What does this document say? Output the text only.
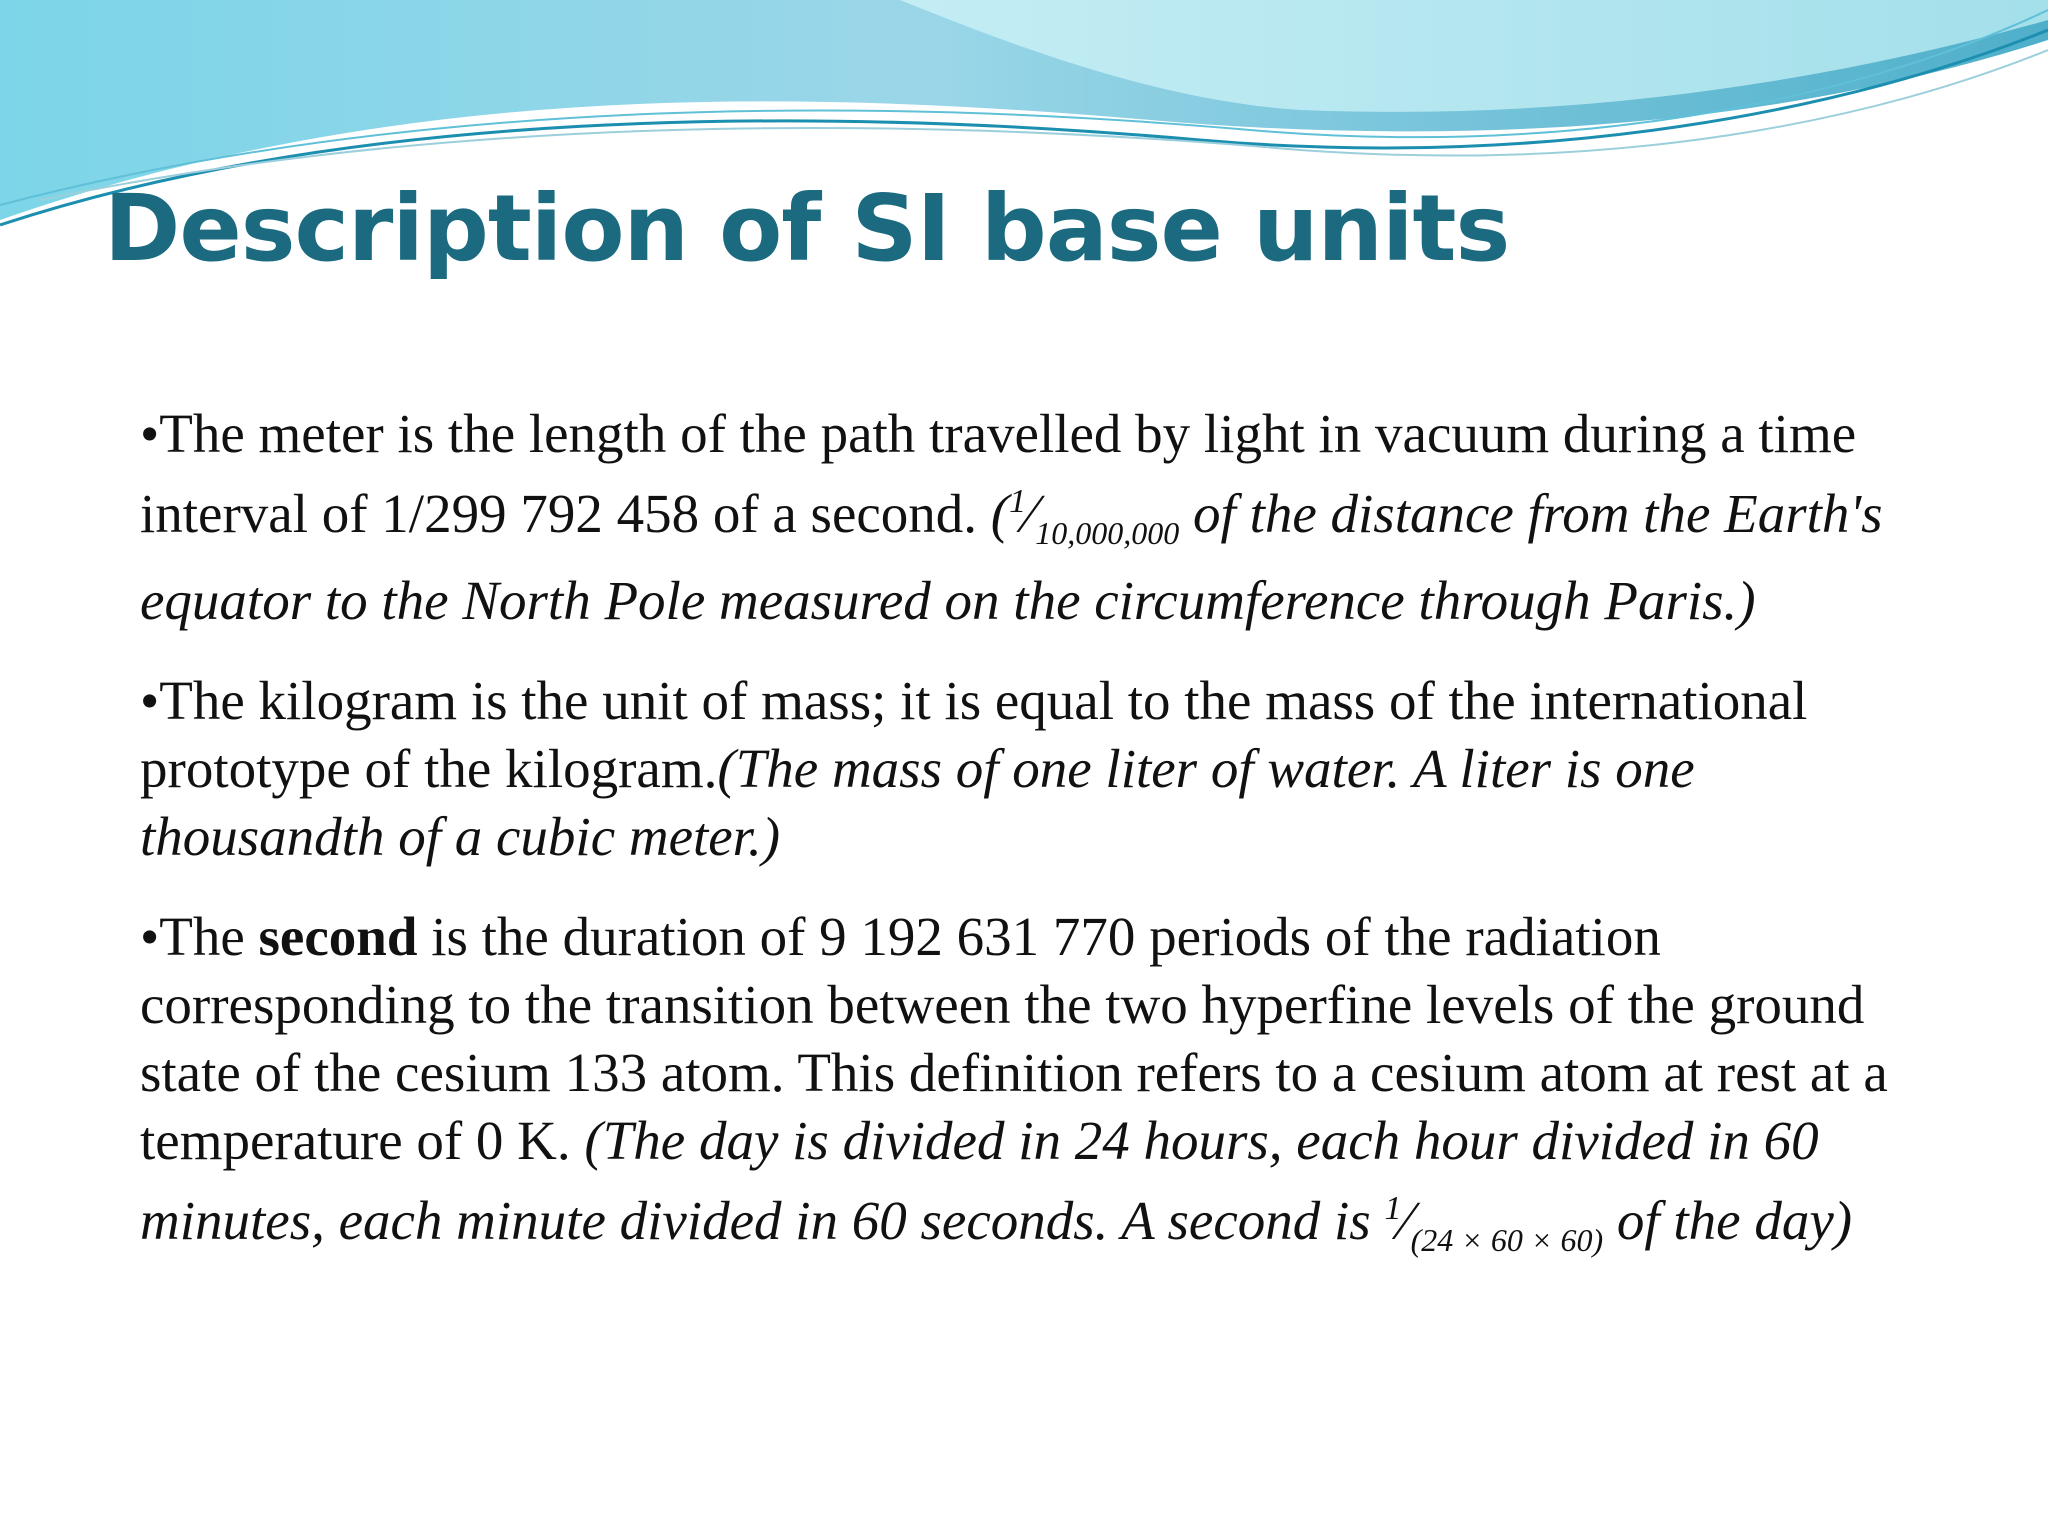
Description of SI base units

•The meter is the length of the path travelled by light in vacuum during a time interval of 1/299 792 458 of a second. ($^1⁄_{10,000,000}$ of the distance from the Earth's equator to the North Pole measured on the circumference through Paris.)

•The kilogram is the unit of mass; it is equal to the mass of the international prototype of the kilogram.(The mass of one liter of water. A liter is one thousandth of a cubic meter.)

•The second is the duration of 9 192 631 770 periods of the radiation corresponding to the transition between the two hyperfine levels of the ground state of the cesium 133 atom. This definition refers to a cesium atom at rest at a temperature of 0 K. (The day is divided in 24 hours, each hour divided in 60 minutes, each minute divided in 60 seconds. A second is $^1⁄_{(24 \times 60 \times 60)}$ of the day)
